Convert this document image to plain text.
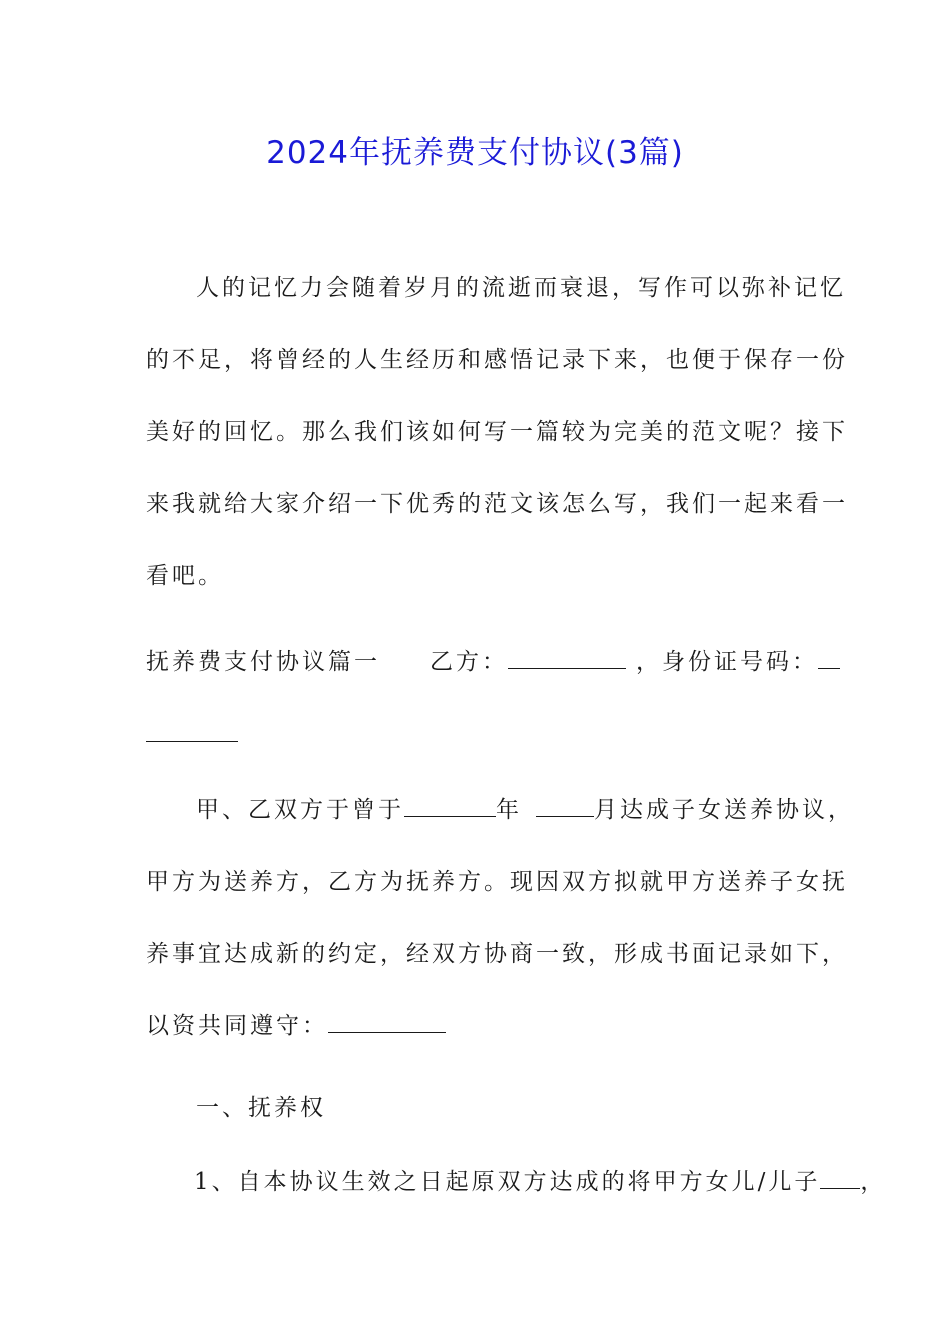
2024年抚养费支付协议(3篇)
人的记忆力会随着岁月的流逝而衰退，写作可以弥补记忆
的不足，将曾经的人生经历和感悟记录下来，也便于保存一份
美好的回忆。那么我们该如何写一篇较为完美的范文呢？接下
来我就给大家介绍一下优秀的范文该怎么写，我们一起来看一
看吧。
抚养费支付协议篇一 乙方：	，身份证号码：
甲、乙双方于曾于	年	月达成子女送养协议，
甲方为送养方，乙方为抚养方。现因双方拟就甲方送养子女抚
养事宜达成新的约定，经双方协商一致，形成书面记录如下，
以资共同遵守：
一、抚养权
1、自本协议生效之日起原双方达成的将甲方女儿/儿子 ，
